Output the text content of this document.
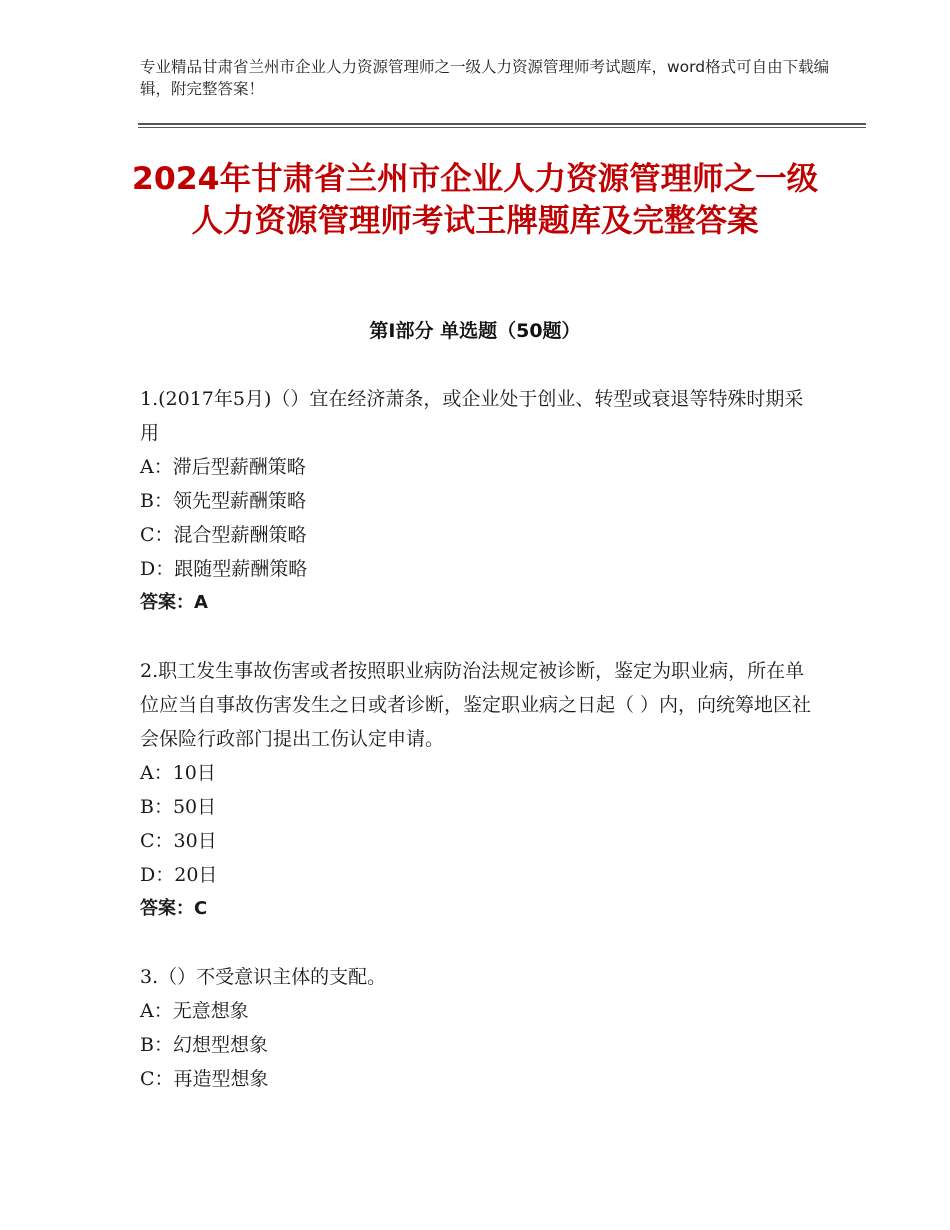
专业精品甘肃省兰州市企业人力资源管理师之一级人力资源管理师考试题库，word格式可自由下载编辑，附完整答案！
2024年甘肃省兰州市企业人力资源管理师之一级人力资源管理师考试王牌题库及完整答案
第Ⅰ部分 单选题（50题）

1.(2017年5月)（）宜在经济萧条，或企业处于创业、转型或衰退等特殊时期采用

A：滞后型薪酬策略

B：领先型薪酬策略

C：混合型薪酬策略

D：跟随型薪酬策略

答案：A

2.职工发生事故伤害或者按照职业病防治法规定被诊断，鉴定为职业病，所在单位应当自事故伤害发生之日或者诊断，鉴定职业病之日起（ ）内，向统筹地区社会保险行政部门提出工伤认定申请。

A：10日

B：50日

C：30日

D：20日

答案：C

3.（）不受意识主体的支配。

A：无意想象

B：幻想型想象

C：再造型想象
